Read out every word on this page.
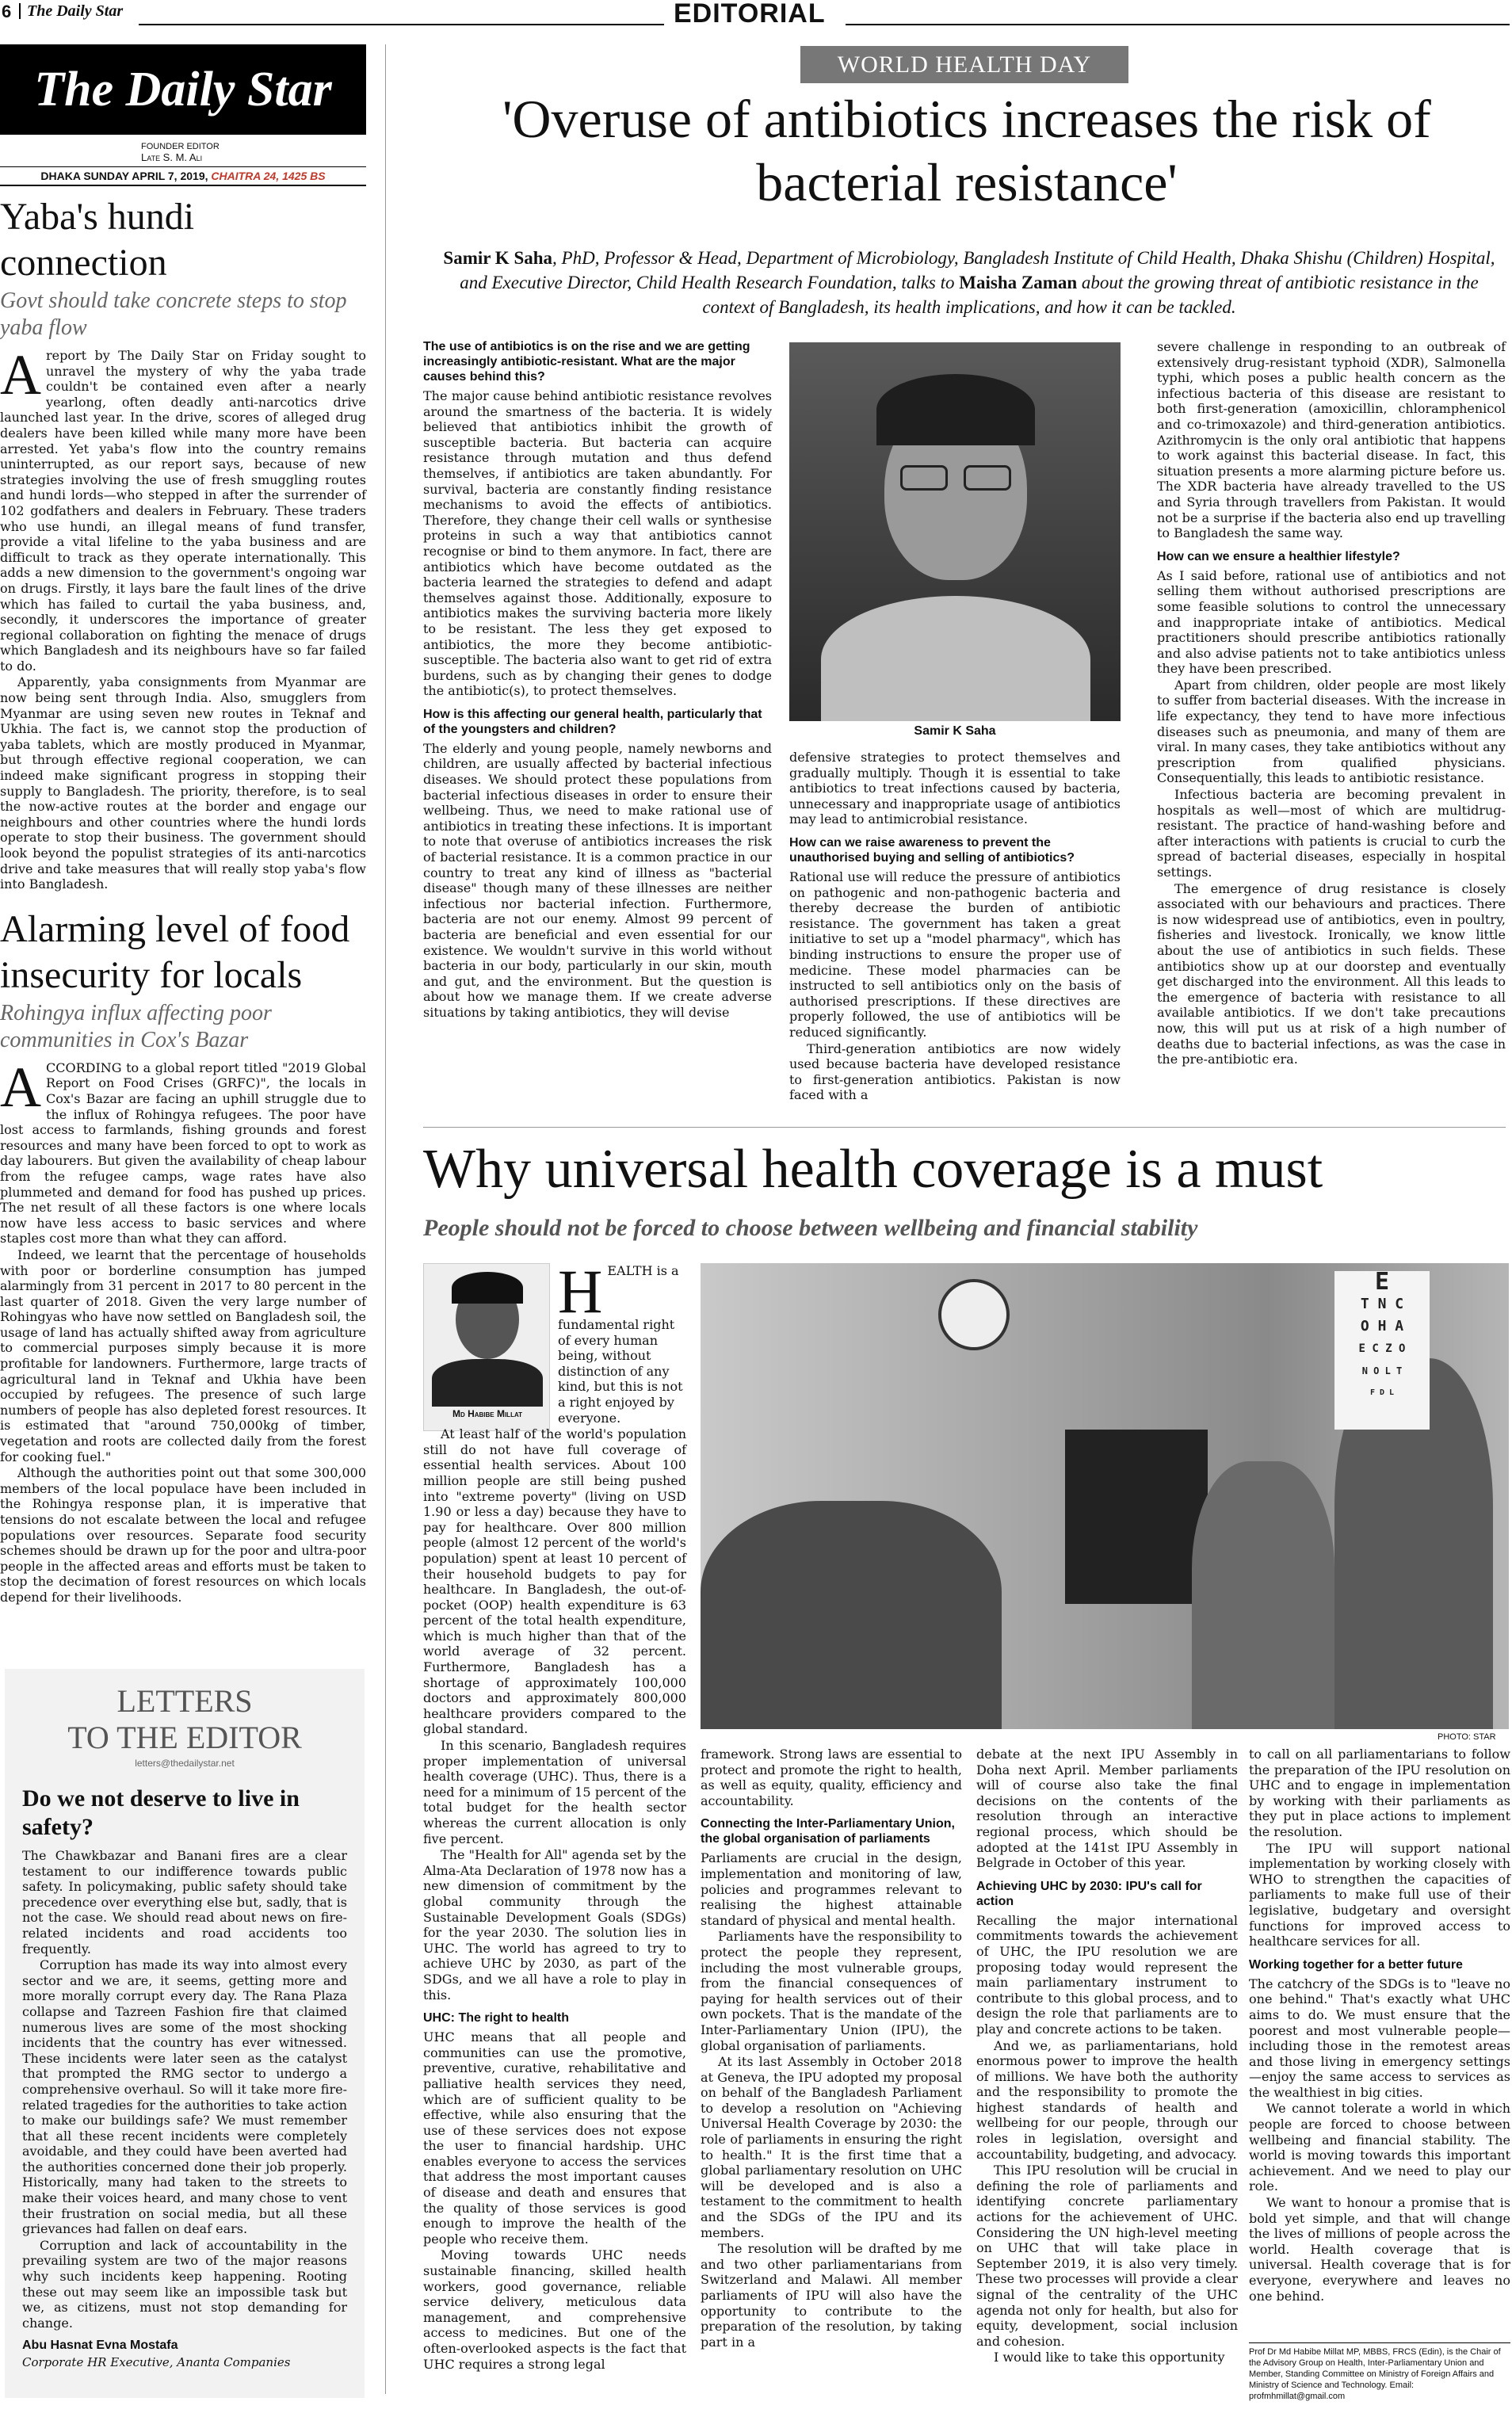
6 The Daily Star	EDITORIAL
The Daily Star
FOUNDER EDITOR
Late S. M. Ali
DHAKA SUNDAY APRIL 7, 2019, CHAITRA 24, 1425 BS
Yaba's hundi connection
Govt should take concrete steps to stop yaba flow

Areport by The Daily Star on Friday sought to unravel the mystery of why the yaba trade couldn't be contained even after a nearly yearlong, often deadly anti-narcotics drive launched last year. In the drive, scores of alleged drug dealers have been killed while many more have been arrested. Yet yaba's flow into the country remains uninterrupted, as our report says, because of new strategies involving the use of fresh smuggling routes and hundi lords—who stepped in after the surrender of 102 godfathers and dealers in February. These traders who use hundi, an illegal means of fund transfer, provide a vital lifeline to the yaba business and are difficult to track as they operate internationally. This adds a new dimension to the government's ongoing war on drugs. Firstly, it lays bare the fault lines of the drive which has failed to curtail the yaba business, and, secondly, it underscores the importance of greater regional collaboration on fighting the menace of drugs which Bangladesh and its neighbours have so far failed to do.

Apparently, yaba consignments from Myanmar are now being sent through India. Also, smugglers from Myanmar are using seven new routes in Teknaf and Ukhia. The fact is, we cannot stop the production of yaba tablets, which are mostly produced in Myanmar, but through effective regional cooperation, we can indeed make significant progress in stopping their supply to Bangladesh. The priority, therefore, is to seal the now-active routes at the border and engage our neighbours and other countries where the hundi lords operate to stop their business. The government should look beyond the populist strategies of its anti-narcotics drive and take measures that will really stop yaba's flow into Bangladesh.

Alarming level of food insecurity for locals
Rohingya influx affecting poor communities in Cox's Bazar

ACCORDING to a global report titled "2019 Global Report on Food Crises (GRFC)", the locals in Cox's Bazar are facing an uphill struggle due to the influx of Rohingya refugees. The poor have lost access to farmlands, fishing grounds and forest resources and many have been forced to opt to work as day labourers. But given the availability of cheap labour from the refugee camps, wage rates have also plummeted and demand for food has pushed up prices. The net result of all these factors is one where locals now have less access to basic services and where staples cost more than what they can afford.

Indeed, we learnt that the percentage of households with poor or borderline consumption has jumped alarmingly from 31 percent in 2017 to 80 percent in the last quarter of 2018. Given the very large number of Rohingyas who have now settled on Bangladesh soil, the usage of land has actually shifted away from agriculture to commercial purposes simply because it is more profitable for landowners. Furthermore, large tracts of agricultural land in Teknaf and Ukhia have been occupied by refugees. The presence of such large numbers of people has also depleted forest resources. It is estimated that "around 750,000kg of timber, vegetation and roots are collected daily from the forest for cooking fuel."

Although the authorities point out that some 300,000 members of the local populace have been included in the Rohingya response plan, it is imperative that tensions do not escalate between the local and refugee populations over resources. Separate food security schemes should be drawn up for the poor and ultra-poor people in the affected areas and efforts must be taken to stop the decimation of forest resources on which locals depend for their livelihoods.

LETTERS
TO THE EDITOR
letters@thedailystar.net
Do we not deserve to live in safety?

The Chawkbazar and Banani fires are a clear testament to our indifference towards public safety. In policymaking, public safety should take precedence over everything else but, sadly, that is not the case. We should read about news on fire-related incidents and road accidents too frequently.

Corruption has made its way into almost every sector and we are, it seems, getting more and more morally corrupt every day. The Rana Plaza collapse and Tazreen Fashion fire that claimed numerous lives are some of the most shocking incidents that the country has ever witnessed. These incidents were later seen as the catalyst that prompted the RMG sector to undergo a comprehensive overhaul. So will it take more fire-related tragedies for the authorities to take action to make our buildings safe? We must remember that all these recent incidents were completely avoidable, and they could have been averted had the authorities concerned done their job properly. Historically, many had taken to the streets to make their voices heard, and many chose to vent their frustration on social media, but all these grievances had fallen on deaf ears.

Corruption and lack of accountability in the prevailing system are two of the major reasons why such incidents keep happening. Rooting these out may seem like an impossible task but we, as citizens, must not stop demanding for change.

Abu Hasnat Evna Mostafa
Corporate HR Executive, Ananta Companies
WORLD HEALTH DAY
'Overuse of antibiotics increases the risk of bacterial resistance'
Samir K Saha, PhD, Professor & Head, Department of Microbiology, Bangladesh Institute of Child Health, Dhaka Shishu (Children) Hospital, and Executive Director, Child Health Research Foundation, talks to Maisha Zaman about the growing threat of antibiotic resistance in the context of Bangladesh, its health implications, and how it can be tackled.
The use of antibiotics is on the rise and we are getting increasingly antibiotic-resistant. What are the major causes behind this?

The major cause behind antibiotic resistance revolves around the smartness of the bacteria. It is widely believed that antibiotics inhibit the growth of susceptible bacteria. But bacteria can acquire resistance through mutation and thus defend themselves, if antibiotics are taken abundantly. For survival, bacteria are constantly finding resistance mechanisms to avoid the effects of antibiotics. Therefore, they change their cell walls or synthesise proteins in such a way that antibiotics cannot recognise or bind to them anymore. In fact, there are antibiotics which have become outdated as the bacteria learned the strategies to defend and adapt themselves against those. Additionally, exposure to antibiotics makes the surviving bacteria more likely to be resistant. The less they get exposed to antibiotics, the more they become antibiotic-susceptible. The bacteria also want to get rid of extra burdens, such as by changing their genes to dodge the antibiotic(s), to protect themselves.

How is this affecting our general health, particularly that of the youngsters and children?

The elderly and young people, namely newborns and children, are usually affected by bacterial infectious diseases. We should protect these populations from bacterial infectious diseases in order to ensure their wellbeing. Thus, we need to make rational use of antibiotics in treating these infections. It is important to note that overuse of antibiotics increases the risk of bacterial resistance. It is a common practice in our country to treat any kind of illness as "bacterial disease" though many of these illnesses are neither infectious nor bacterial infection. Furthermore, bacteria are not our enemy. Almost 99 percent of bacteria are beneficial and even essential for our existence. We wouldn't survive in this world without bacteria in our body, particularly in our skin, mouth and gut, and the environment. But the question is about how we manage them. If we create adverse situations by taking antibiotics, they will devise

Samir K Saha

defensive strategies to protect themselves and gradually multiply. Though it is essential to take antibiotics to treat infections caused by bacteria, unnecessary and inappropriate usage of antibiotics may lead to antimicrobial resistance.

How can we raise awareness to prevent the unauthorised buying and selling of antibiotics?

Rational use will reduce the pressure of antibiotics on pathogenic and non-pathogenic bacteria and thereby decrease the burden of antibiotic resistance. The government has taken a great initiative to set up a "model pharmacy", which has binding instructions to ensure the proper use of medicine. These model pharmacies can be instructed to sell antibiotics only on the basis of authorised prescriptions. If these directives are properly followed, the use of antibiotics will be reduced significantly.

Third-generation antibiotics are now widely used because bacteria have developed resistance to first-generation antibiotics. Pakistan is now faced with a

severe challenge in responding to an outbreak of extensively drug-resistant typhoid (XDR), Salmonella typhi, which poses a public health concern as the infectious bacteria of this disease are resistant to both first-generation (amoxicillin, chloramphenicol and co-trimoxazole) and third-generation antibiotics. Azithromycin is the only oral antibiotic that happens to work against this bacterial disease. In fact, this situation presents a more alarming picture before us. The XDR bacteria have already travelled to the US and Syria through travellers from Pakistan. It would not be a surprise if the bacteria also end up travelling to Bangladesh the same way.

How can we ensure a healthier lifestyle?

As I said before, rational use of antibiotics and not selling them without authorised prescriptions are some feasible solutions to control the unnecessary and inappropriate intake of antibiotics. Medical practitioners should prescribe antibiotics rationally and also advise patients not to take antibiotics unless they have been prescribed.

Apart from children, older people are most likely to suffer from bacterial diseases. With the increase in life expectancy, they tend to have more infectious diseases such as pneumonia, and many of them are viral. In many cases, they take antibiotics without any prescription from qualified physicians. Consequentially, this leads to antibiotic resistance.

Infectious bacteria are becoming prevalent in hospitals as well—most of which are multidrug-resistant. The practice of hand-washing before and after interactions with patients is crucial to curb the spread of bacterial diseases, especially in hospital settings.

The emergence of drug resistance is closely associated with our behaviours and practices. There is now widespread use of antibiotics, even in poultry, fisheries and livestock. Ironically, we know little about the use of antibiotics in such fields. These antibiotics show up at our doorstep and eventually get discharged into the environment. All this leads to the emergence of bacteria with resistance to all available antibiotics. If we don't take precautions now, this will put us at risk of a high number of deaths due to bacterial infections, as was the case in the pre-antibiotic era.

Why universal health coverage is a must
People should not be forced to choose between wellbeing and financial stability
Md Habibe Millat

HEALTH is a fundamental right of every human being, without distinction of any kind, but this is not a right enjoyed by everyone.

At least half of the world's population still do not have full coverage of essential health services. About 100 million people are still being pushed into "extreme poverty" (living on USD 1.90 or less a day) because they have to pay for healthcare. Over 800 million people (almost 12 percent of the world's population) spent at least 10 percent of their household budgets to pay for healthcare. In Bangladesh, the out-of-pocket (OOP) health expenditure is 63 percent of the total health expenditure, which is much higher than that of the world average of 32 percent. Furthermore, Bangladesh has a shortage of approximately 100,000 doctors and approximately 800,000 healthcare providers compared to the global standard.

In this scenario, Bangladesh requires proper implementation of universal health coverage (UHC). Thus, there is a need for a minimum of 15 percent of the total budget for the health sector whereas the current allocation is only five percent.

The "Health for All" agenda set by the Alma-Ata Declaration of 1978 now has a new dimension of commitment by the global community through the Sustainable Development Goals (SDGs) for the year 2030. The solution lies in UHC. The world has agreed to try to achieve UHC by 2030, as part of the SDGs, and we all have a role to play in this.

UHC: The right to health

UHC means that all people and communities can use the promotive, preventive, curative, rehabilitative and palliative health services they need, which are of sufficient quality to be effective, while also ensuring that the use of these services does not expose the user to financial hardship. UHC enables everyone to access the services that address the most important causes of disease and death and ensures that the quality of those services is good enough to improve the health of the people who receive them.

Moving towards UHC needs sustainable financing, skilled health workers, good governance, reliable service delivery, meticulous data management, and comprehensive access to medicines. But one of the often-overlooked aspects is the fact that UHC requires a strong legal

E
T N C
O H A
E C Z O
N O L T
F D L
PHOTO: STAR

framework. Strong laws are essential to protect and promote the right to health, as well as equity, quality, efficiency and accountability.

Connecting the Inter-Parliamentary Union, the global organisation of parliaments

Parliaments are crucial in the design, implementation and monitoring of law, policies and programmes relevant to realising the highest attainable standard of physical and mental health.

Parliaments have the responsibility to protect the people they represent, including the most vulnerable groups, from the financial consequences of paying for health services out of their own pockets. That is the mandate of the Inter-Parliamentary Union (IPU), the global organisation of parliaments.

At its last Assembly in October 2018 at Geneva, the IPU adopted my proposal on behalf of the Bangladesh Parliament to develop a resolution on "Achieving Universal Health Coverage by 2030: the role of parliaments in ensuring the right to health." It is the first time that a global parliamentary resolution on UHC will be developed and is also a testament to the commitment to health and the SDGs of the IPU and its members.

The resolution will be drafted by me and two other parliamentarians from Switzerland and Malawi. All member parliaments of IPU will also have the opportunity to contribute to the preparation of the resolution, by taking part in a

debate at the next IPU Assembly in Doha next April. Member parliaments will of course also take the final decisions on the contents of the resolution through an interactive regional process, which should be adopted at the 141st IPU Assembly in Belgrade in October of this year.

Achieving UHC by 2030: IPU's call for action

Recalling the major international commitments towards the achievement of UHC, the IPU resolution we are proposing today would represent the main parliamentary instrument to contribute to this global process, and to design the role that parliaments are to play and concrete actions to be taken.

And we, as parliamentarians, hold enormous power to improve the health of millions. We have both the authority and the responsibility to promote the highest standards of health and wellbeing for our people, through our roles in legislation, oversight and accountability, budgeting, and advocacy.

This IPU resolution will be crucial in defining the role of parliaments and identifying concrete parliamentary actions for the achievement of UHC. Considering the UN high-level meeting on UHC that will take place in September 2019, it is also very timely. These two processes will provide a clear signal of the centrality of the UHC agenda not only for health, but also for equity, development, social inclusion and cohesion.

I would like to take this opportunity

to call on all parliamentarians to follow the preparation of the IPU resolution on UHC and to engage in implementation by working with their parliaments as they put in place actions to implement the resolution.

The IPU will support national implementation by working closely with WHO to strengthen the capacities of parliaments to make full use of their legislative, budgetary and oversight functions for improved access to healthcare services for all.

Working together for a better future

The catchcry of the SDGs is to "leave no one behind." That's exactly what UHC aims to do. We must ensure that the poorest and most vulnerable people—including those in the remotest areas and those living in emergency settings—enjoy the same access to services as the wealthiest in big cities.

We cannot tolerate a world in which people are forced to choose between wellbeing and financial stability. The world is moving towards this important achievement. And we need to play our role.

We want to honour a promise that is bold yet simple, and that will change the lives of millions of people across the world. Health coverage that is universal. Health coverage that is for everyone, everywhere and leaves no one behind.

Prof Dr Md Habibe Millat MP, MBBS, FRCS (Edin), is the Chair of the Advisory Group on Health, Inter-Parliamentary Union and Member, Standing Committee on Ministry of Foreign Affairs and Ministry of Science and Technology. Email: profmhmillat@gmail.com
